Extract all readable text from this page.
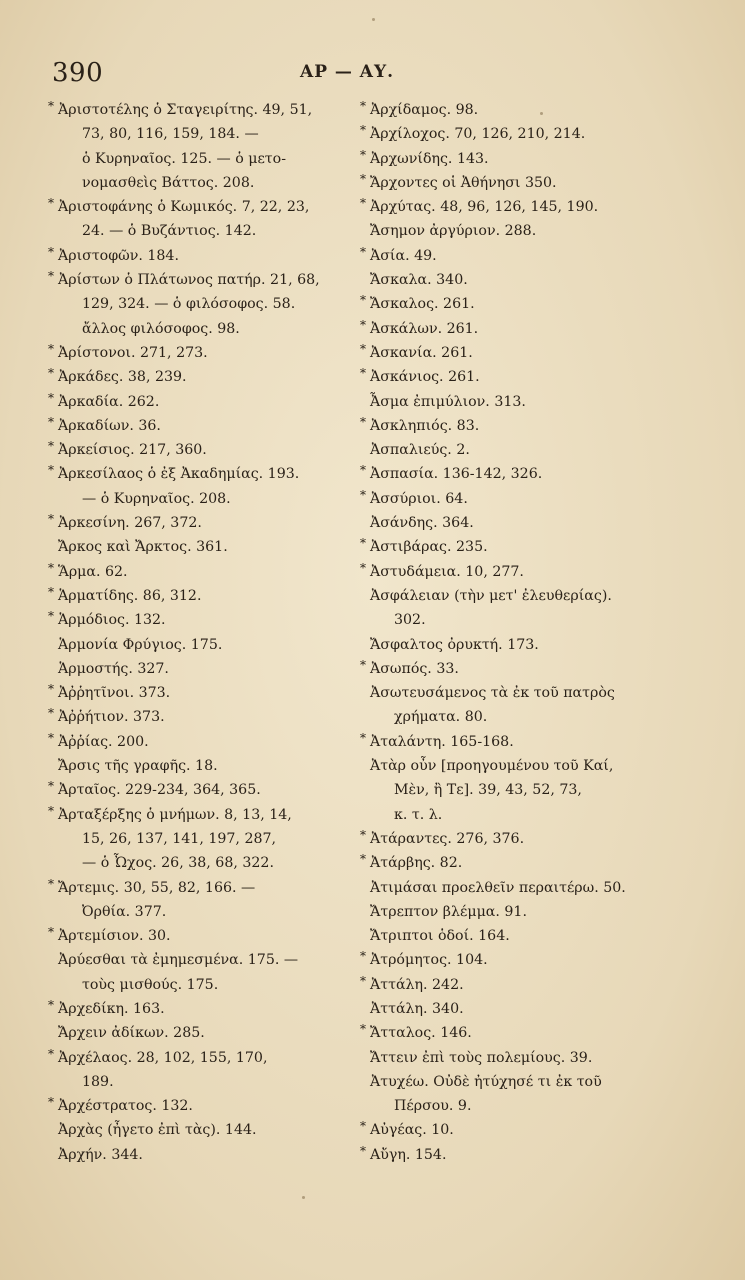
390	ΑΡ — ΑΥ.
* Ἀριστοτέλης ὁ Σταγειρίτης. 49, 51,
73, 80, 116, 159, 184. —
ὁ Κυρηναῖος. 125. — ὁ μετο-
νομασθεὶς Βάττος. 208.
* Ἀριστοφάνης ὁ Κωμικός. 7, 22, 23,
24. — ὁ Βυζάντιος. 142.
* Ἀριστοφῶν. 184.
* Ἀρίστων ὁ Πλάτωνος πατήρ. 21, 68,
129, 324. — ὁ φιλόσοφος. 58.
ἄλλος φιλόσοφος. 98.
* Ἀρίστονοι. 271, 273.
* Ἀρκάδες. 38, 239.
* Ἀρκαδία. 262.
* Ἀρκαδίων. 36.
* Ἀρκείσιος. 217, 360.
* Ἀρκεσίλαος ὁ ἐξ Ἀκαδημίας. 193.
— ὁ Κυρηναῖος. 208.
* Ἀρκεσίνη. 267, 372.
Ἄρκος καὶ Ἄρκτος. 361.
* Ἅρμα. 62.
* Ἁρματίδης. 86, 312.
* Ἁρμόδιος. 132.
Ἁρμονία Φρύγιος. 175.
Ἁρμοστής. 327.
* Ἀῤῥητῖνοι. 373.
* Ἀῤῥήτιον. 373.
* Ἀῤῥίας. 200.
Ἄρσις τῆς γραφῆς. 18.
* Ἀρταῖος. 229-234, 364, 365.
* Ἀρταξέρξης ὁ μνήμων. 8, 13, 14,
15, 26, 137, 141, 197, 287,
— ὁ Ὦχος. 26, 38, 68, 322.
* Ἄρτεμις. 30, 55, 82, 166. —
Ὀρθία. 377.
* Ἀρτεμίσιον. 30.
Ἀρύεσθαι τὰ ἐμημεσμένα. 175. —
τοὺς μισθούς. 175.
* Ἀρχεδίκη. 163.
Ἄρχειν ἀδίκων. 285.
* Ἀρχέλαος. 28, 102, 155, 170,
189.
* Ἀρχέστρατος. 132.
Ἀρχὰς (ἦγετο ἐπὶ τὰς). 144.
Ἀρχήν. 344.
* Ἀρχίδαμος. 98.
* Ἀρχίλοχος. 70, 126, 210, 214.
* Ἀρχωνίδης. 143.
* Ἄρχοντες οἱ Ἀθήνησι 350.
* Ἀρχύτας. 48, 96, 126, 145, 190.
Ἄσημον ἀργύριον. 288.
* Ἀσία. 49.
Ἄσκαλα. 340.
* Ἄσκαλος. 261.
* Ἀσκάλων. 261.
* Ἀσκανία. 261.
* Ἀσκάνιος. 261.
Ἆσμα ἐπιμύλιον. 313.
* Ἀσκληπιός. 83.
Ἀσπαλιεύς. 2.
* Ἀσπασία. 136-142, 326.
* Ἀσσύριοι. 64.
Ἀσάνδης. 364.
* Ἀστιβάρας. 235.
* Ἀστυδάμεια. 10, 277.
Ἀσφάλειαν (τὴν μετ' ἐλευθερίας).
302.
Ἄσφαλτος ὀρυκτή. 173.
* Ἀσωπός. 33.
Ἀσωτευσάμενος τὰ ἐκ τοῦ πατρὸς
χρήματα. 80.
* Ἀταλάντη. 165-168.
Ἀτὰρ οὖν [προηγουμένου τοῦ Καί,
Μὲν, ἢ Τε]. 39, 43, 52, 73,
κ. τ. λ.
* Ἀτάραντες. 276, 376.
* Ἀτάρβης. 82.
Ἀτιμάσαι προελθεῖν περαιτέρω. 50.
Ἄτρεπτον βλέμμα. 91.
Ἄτριπτοι ὁδοί. 164.
* Ἀτρόμητος. 104.
* Ἀττάλη. 242.
Ἀττάλη. 340.
* Ἄτταλος. 146.
Ἄττειν ἐπὶ τοὺς πολεμίους. 39.
Ἀτυχέω. Οὐδὲ ἠτύχησέ τι ἐκ τοῦ
Πέρσου. 9.
* Αὐγέας. 10.
* Αὔγη. 154.
